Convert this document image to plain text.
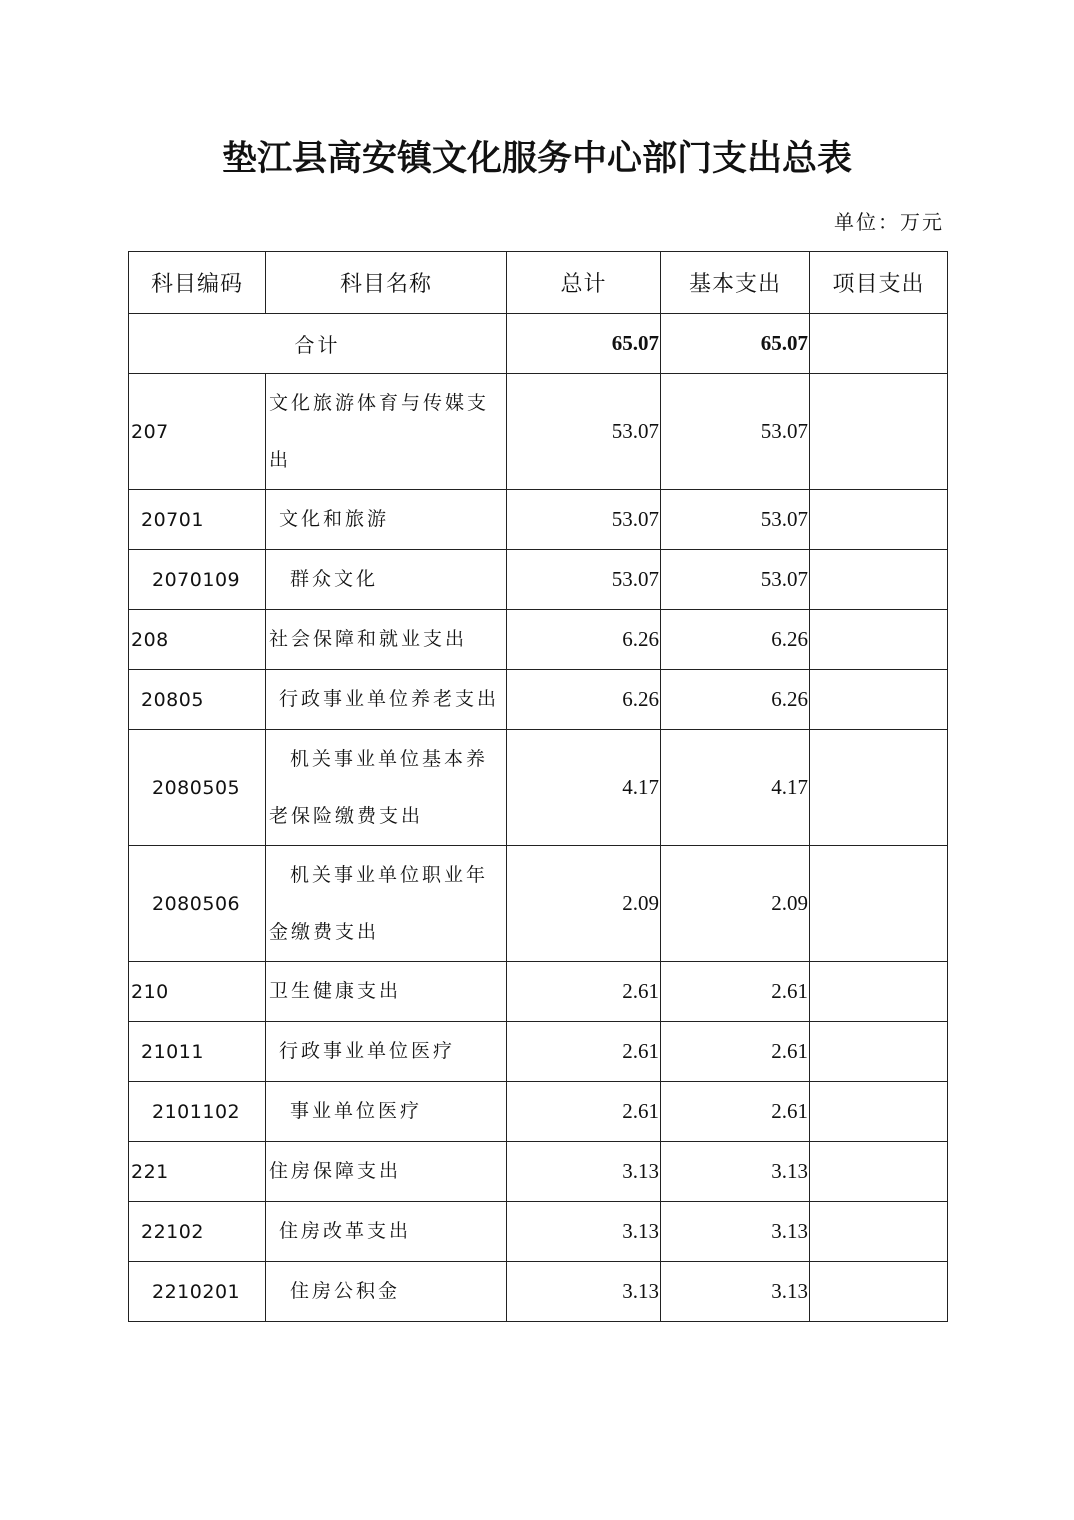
垫江县高安镇文化服务中心部门支出总表
单位：万元
科目编码	科目名称	总计	基本支出	项目支出
合计		65.07	65.07	
207	文化旅游体育与传媒支出	53.07	53.07	
20701	文化和旅游	53.07	53.07	
2070109	群众文化	53.07	53.07	
208	社会保障和就业支出	6.26	6.26	
20805	行政事业单位养老支出	6.26	6.26	
2080505	机关事业单位基本养老保险缴费支出	4.17	4.17	
2080506	机关事业单位职业年金缴费支出	2.09	2.09	
210	卫生健康支出	2.61	2.61	
21011	行政事业单位医疗	2.61	2.61	
2101102	事业单位医疗	2.61	2.61	
221	住房保障支出	3.13	3.13	
22102	住房改革支出	3.13	3.13	
2210201	住房公积金	3.13	3.13	
